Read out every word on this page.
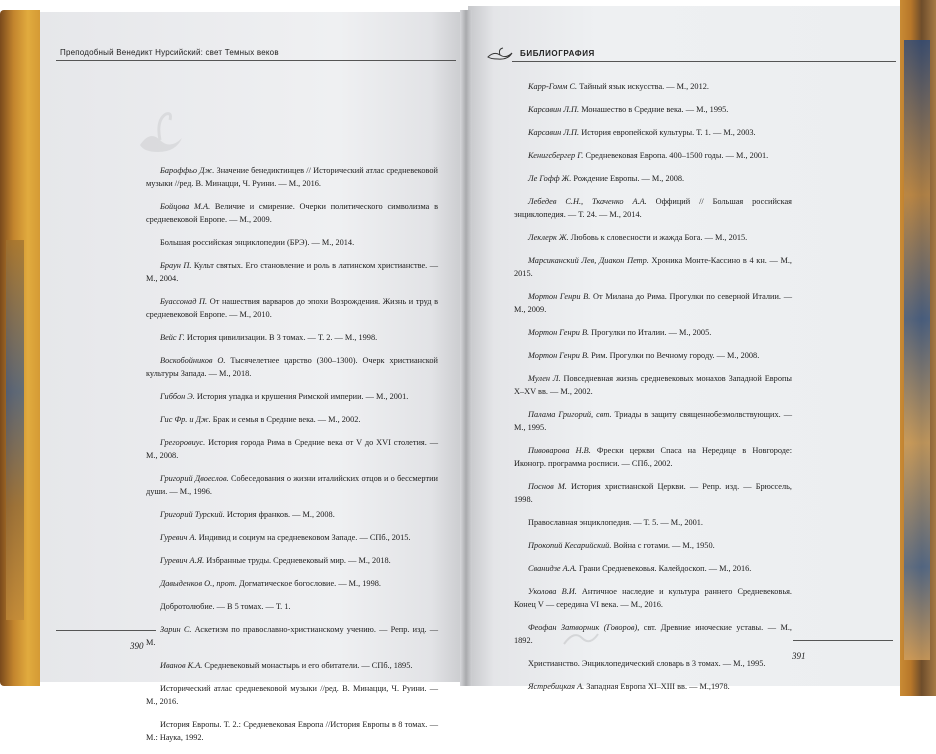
Преподобный Венедикт Нурсийский: свет Темных веков
Бароффьо Дж. Значение бенедиктинцев // Исторический атлас средневековой музыки //ред. В. Минацци, Ч. Руини. — М., 2016.
Бойцова М.А. Величие и смирение. Очерки политического символизма в средневековой Европе. — М., 2009.
Большая российская энциклопедии (БРЭ). — М., 2014.
Браун П. Культ святых. Его становление и роль в латинском христианстве. — М., 2004.
Буассонад П. От нашествия варваров до эпохи Возрождения. Жизнь и труд в средневековой Европе. — М., 2010.
Вейс Г. История цивилизации. В 3 томах. — Т. 2. — М., 1998.
Воскобойников О. Тысячелетнее царство (300–1300). Очерк христианской культуры Запада. — М., 2018.
Гиббон Э. История упадка и крушения Римской империи. — М., 2001.
Гис Фр. и Дж. Брак и семья в Средние века. — М., 2002.
Грегоровиус. История города Рима в Средние века от V до XVI столетия. — М., 2008.
Григорий Двоеслов. Собеседования о жизни италийских отцов и о бессмертии души. — М., 1996.
Григорий Турский. История франков. — М., 2008.
Гуревич А. Индивид и социум на средневековом Западе. — СПб., 2015.
Гуревич А.Я. Избранные труды. Средневековый мир. — М., 2018.
Давыденков О., прот. Догматическое богословие. — М., 1998.
Добротолюбие. — В 5 томах. — Т. 1.
Зарин С. Аскетизм по православно-христианскому учению. — Репр. изд. — М.
Иванов К.А. Средневековый монастырь и его обитатели. — СПб., 1895.
Исторический атлас средневековой музыки //ред. В. Минацци, Ч. Руини. — М., 2016.
История Европы. Т. 2.: Средневековая Европа //История Европы в 8 томах. — М.: Наука, 1992.
390
БИБЛИОГРАФИЯ
Карр-Гомм С. Тайный язык искусства. — М., 2012.
Карсавин Л.П. Монашество в Средние века. — М., 1995.
Карсавин Л.П. История европейской культуры. Т. 1. — М., 2003.
Кенигсбергер Г. Средневековая Европа. 400–1500 годы. — М., 2001.
Ле Гофф Ж. Рождение Европы. — М., 2008.
Лебедев С.Н., Ткаченко А.А. Оффиций // Большая российская энциклопедия. — Т. 24. — М., 2014.
Леклерк Ж. Любовь к словесности и жажда Бога. — М., 2015.
Марсиканский Лев, Диакон Петр. Хроника Монте-Кассино в 4 кн. — М., 2015.
Мортон Генри В. От Милана до Рима. Прогулки по северной Италии. — М., 2009.
Мортон Генри В. Прогулки по Италии. — М., 2005.
Мортон Генри В. Рим. Прогулки по Вечному городу. — М., 2008.
Мулен Л. Повседневная жизнь средневековых монахов Западной Европы X–XV вв. — М., 2002.
Палама Григорий, свт. Триады в защиту священнобезмолвствующих. — М., 1995.
Пивоварова Н.В. Фрески церкви Спаса на Нередице в Новгороде: Иконогр. программа росписи. — СПб., 2002.
Поснов М. История христианской Церкви. — Репр. изд. — Брюссель, 1998.
Православная энциклопедия. — Т. 5. — М., 2001.
Прокопий Кесарийский. Война с готами. — М., 1950.
Сванидзе А.А. Грани Средневековья. Калейдоскоп. — М., 2016.
Уколова В.И. Античное наследие и культура раннего Средневековья. Конец V — середина VI века. — М., 2016.
Феофан Затворник (Говоров), свт. Древние иноческие уставы. — М., 1892.
Христианство. Энциклопедический словарь в 3 томах. — М., 1995.
Ястребицкая А. Западная Европа XI–XIII вв. — М.,1978.
391
